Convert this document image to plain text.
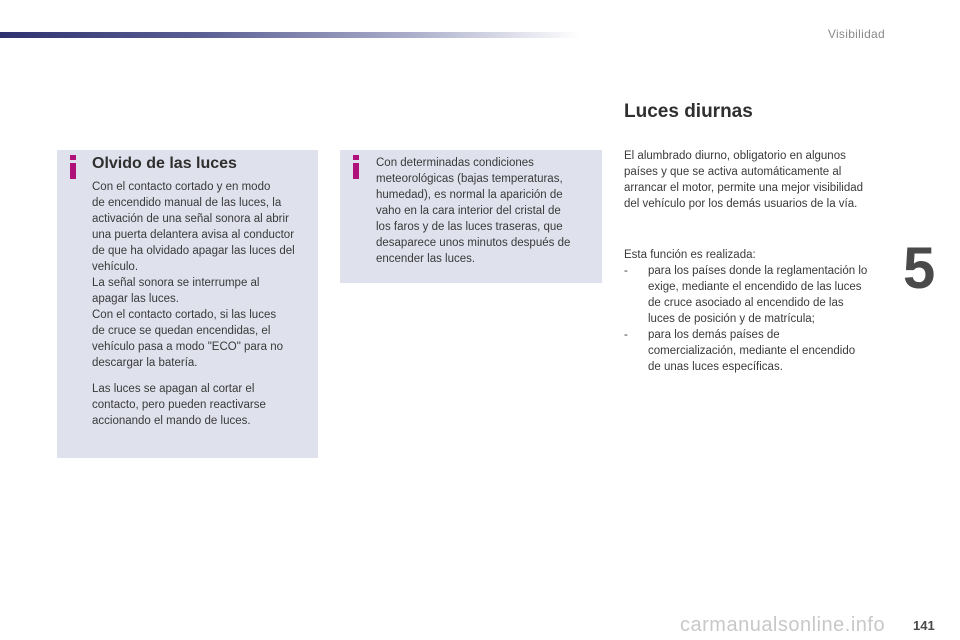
Visibilidad
5
Olvido de las luces

Con el contacto cortado y en modo
de encendido manual de las luces, la
activación de una señal sonora al abrir
una puerta delantera avisa al conductor
de que ha olvidado apagar las luces del
vehículo.
La señal sonora se interrumpe al
apagar las luces.
Con el contacto cortado, si las luces
de cruce se quedan encendidas, el
vehículo pasa a modo "ECO" para no
descargar la batería.

Las luces se apagan al cortar el
contacto, pero pueden reactivarse
accionando el mando de luces.

Con determinadas condiciones
meteorológicas (bajas temperaturas,
humedad), es normal la aparición de
vaho en la cara interior del cristal de
los faros y de las luces traseras, que
desaparece unos minutos después de
encender las luces.

Luces diurnas

El alumbrado diurno, obligatorio en algunos
países y que se activa automáticamente al
arrancar el motor, permite una mejor visibilidad
del vehículo por los demás usuarios de la vía.

Esta función es realizada:

- para los países donde la reglamentación lo
exige, mediante el encendido de las luces
de cruce asociado al encendido de las
luces de posición y de matrícula;
- para los demás países de
comercialización, mediante el encendido
de unas luces específicas.
carmanualsonline.info 141
